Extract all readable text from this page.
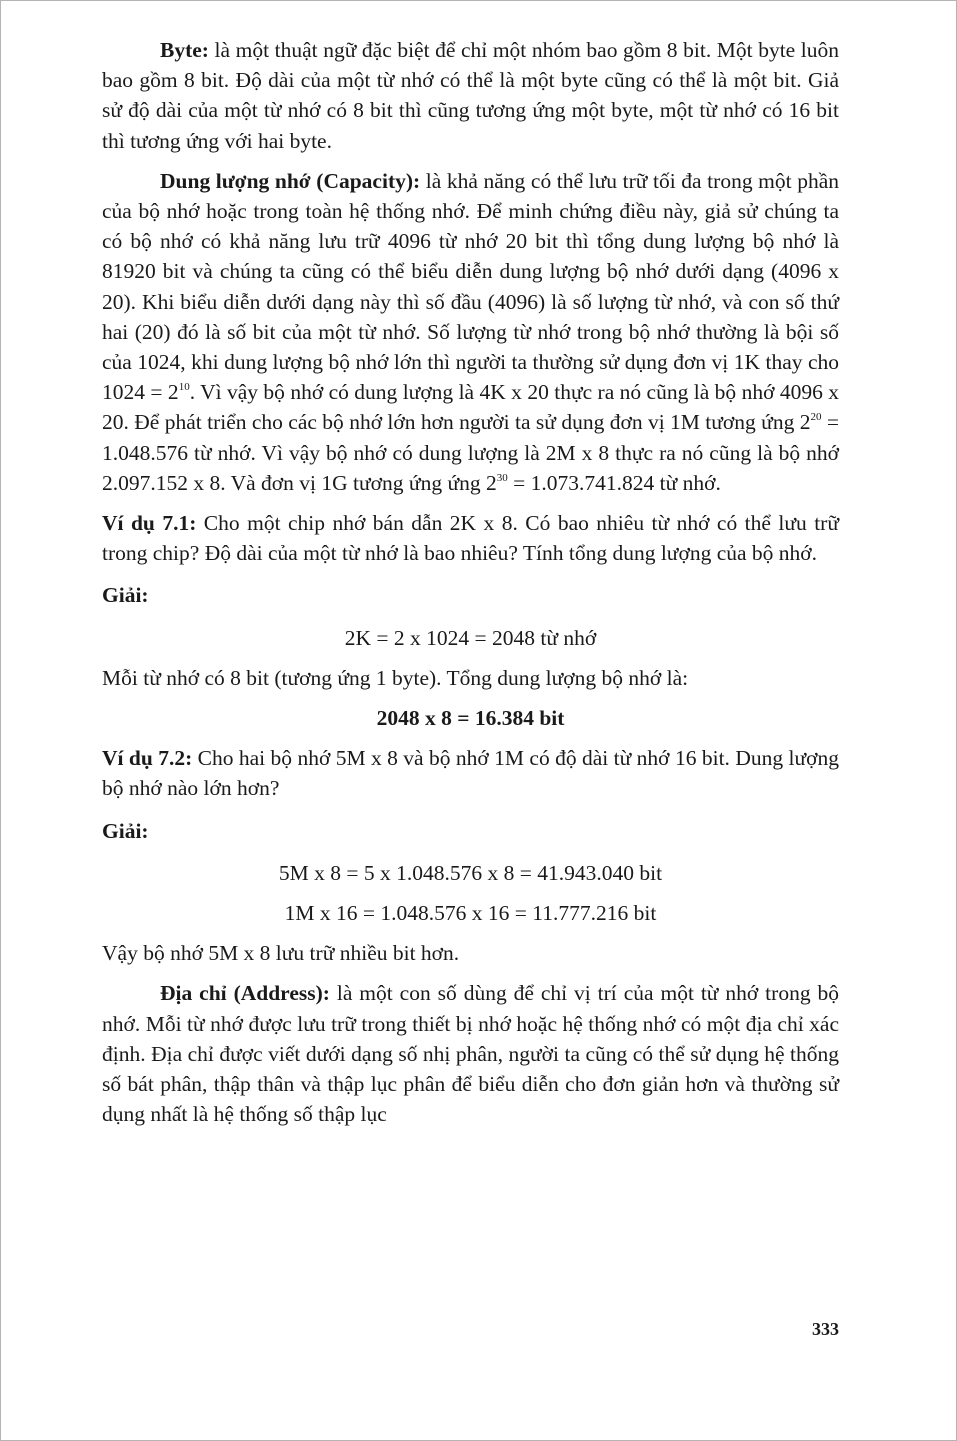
Byte: là một thuật ngữ đặc biệt để chỉ một nhóm bao gồm 8 bit. Một byte luôn bao gồm 8 bit. Độ dài của một từ nhớ có thể là một byte cũng có thể là một bit. Giả sử độ dài của một từ nhớ có 8 bit thì cũng tương ứng một byte, một từ nhớ có 16 bit thì tương ứng với hai byte.

Dung lượng nhớ (Capacity): là khả năng có thể lưu trữ tối đa trong một phần của bộ nhớ hoặc trong toàn hệ thống nhớ. Để minh chứng điều này, giả sử chúng ta có bộ nhớ có khả năng lưu trữ 4096 từ nhớ 20 bit thì tổng dung lượng bộ nhớ là 81920 bit và chúng ta cũng có thể biểu diễn dung lượng bộ nhớ dưới dạng (4096 x 20). Khi biểu diễn dưới dạng này thì số đầu (4096) là số lượng từ nhớ, và con số thứ hai (20) đó là số bit của một từ nhớ. Số lượng từ nhớ trong bộ nhớ thường là bội số của 1024, khi dung lượng bộ nhớ lớn thì người ta thường sử dụng đơn vị 1K thay cho $1024 = 2^{10}$. Vì vậy bộ nhớ có dung lượng là 4K x 20 thực ra nó cũng là bộ nhớ 4096 x 20. Để phát triển cho các bộ nhớ lớn hơn người ta sử dụng đơn vị 1M tương ứng $2^{20} = 1.048.576$ từ nhớ. Vì vậy bộ nhớ có dung lượng là 2M x 8 thực ra nó cũng là bộ nhớ 2.097.152 x 8. Và đơn vị 1G tương ứng ứng $2^{30} = 1.073.741.824$ từ nhớ.

Ví dụ 7.1: Cho một chip nhớ bán dẫn 2K x 8. Có bao nhiêu từ nhớ có thể lưu trữ trong chip? Độ dài của một từ nhớ là bao nhiêu? Tính tổng dung lượng của bộ nhớ.

Giải:

2K = 2 x 1024 = 2048 từ nhớ

Mỗi từ nhớ có 8 bit (tương ứng 1 byte). Tổng dung lượng bộ nhớ là:

2048 x 8 = 16.384 bit

Ví dụ 7.2: Cho hai bộ nhớ 5M x 8 và bộ nhớ 1M có độ dài từ nhớ 16 bit. Dung lượng bộ nhớ nào lớn hơn?

Giải:

5M x 8 = 5 x 1.048.576 x 8 = 41.943.040 bit

1M x 16 = 1.048.576 x 16 = 11.777.216 bit

Vậy bộ nhớ 5M x 8 lưu trữ nhiều bit hơn.

Địa chỉ (Address): là một con số dùng để chỉ vị trí của một từ nhớ trong bộ nhớ. Mỗi từ nhớ được lưu trữ trong thiết bị nhớ hoặc hệ thống nhớ có một địa chỉ xác định. Địa chỉ được viết dưới dạng số nhị phân, người ta cũng có thể sử dụng hệ thống số bát phân, thập thân và thập lục phân để biểu diễn cho đơn giản hơn và thường sử dụng nhất là hệ thống số thập lục

333
